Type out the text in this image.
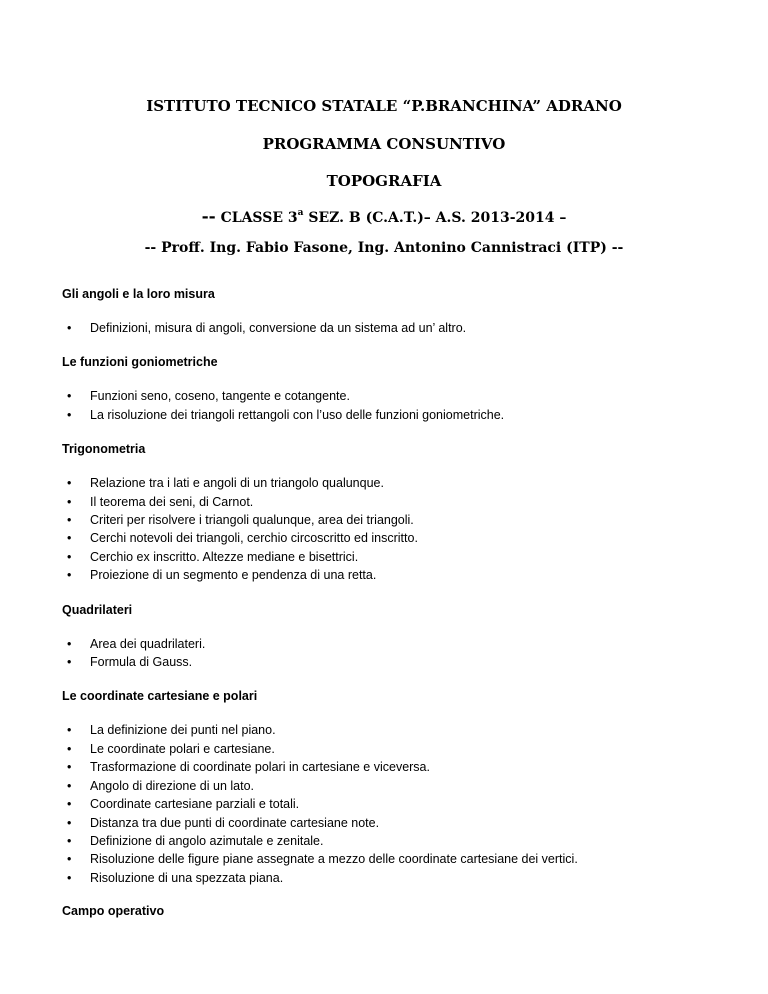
ISTITUTO TECNICO STATALE “P.BRANCHINA” ADRANO
PROGRAMMA CONSUNTIVO
TOPOGRAFIA
-- CLASSE 3$^a$ SEZ. B (C.A.T.)– A.S. 2013-2014 –
-- Proff. Ing. Fabio Fasone, Ing. Antonino Cannistraci (ITP) --
Gli angoli e la loro misura
• Definizioni, misura di angoli, conversione da un sistema ad un’ altro.
Le funzioni goniometriche
• Funzioni seno, coseno, tangente e cotangente.
• La risoluzione dei triangoli rettangoli con l’uso delle funzioni goniometriche.
Trigonometria
• Relazione tra i lati e angoli di un triangolo qualunque.
• Il teorema dei seni, di Carnot.
• Criteri per risolvere i triangoli qualunque, area dei triangoli.
• Cerchi notevoli dei triangoli, cerchio circoscritto ed inscritto.
• Cerchio ex inscritto. Altezze mediane e bisettrici.
• Proiezione di un segmento e pendenza di una retta.
Quadrilateri
• Area dei quadrilateri.
• Formula di Gauss.
Le coordinate cartesiane e polari
• La definizione dei punti nel piano.
• Le coordinate polari e cartesiane.
• Trasformazione di coordinate polari in cartesiane e viceversa.
• Angolo di direzione di un lato.
• Coordinate cartesiane parziali e totali.
• Distanza tra due punti di coordinate cartesiane note.
• Definizione di angolo azimutale e zenitale.
• Risoluzione delle figure piane assegnate a mezzo delle coordinate cartesiane dei vertici.
• Risoluzione di una spezzata piana.
Campo operativo
